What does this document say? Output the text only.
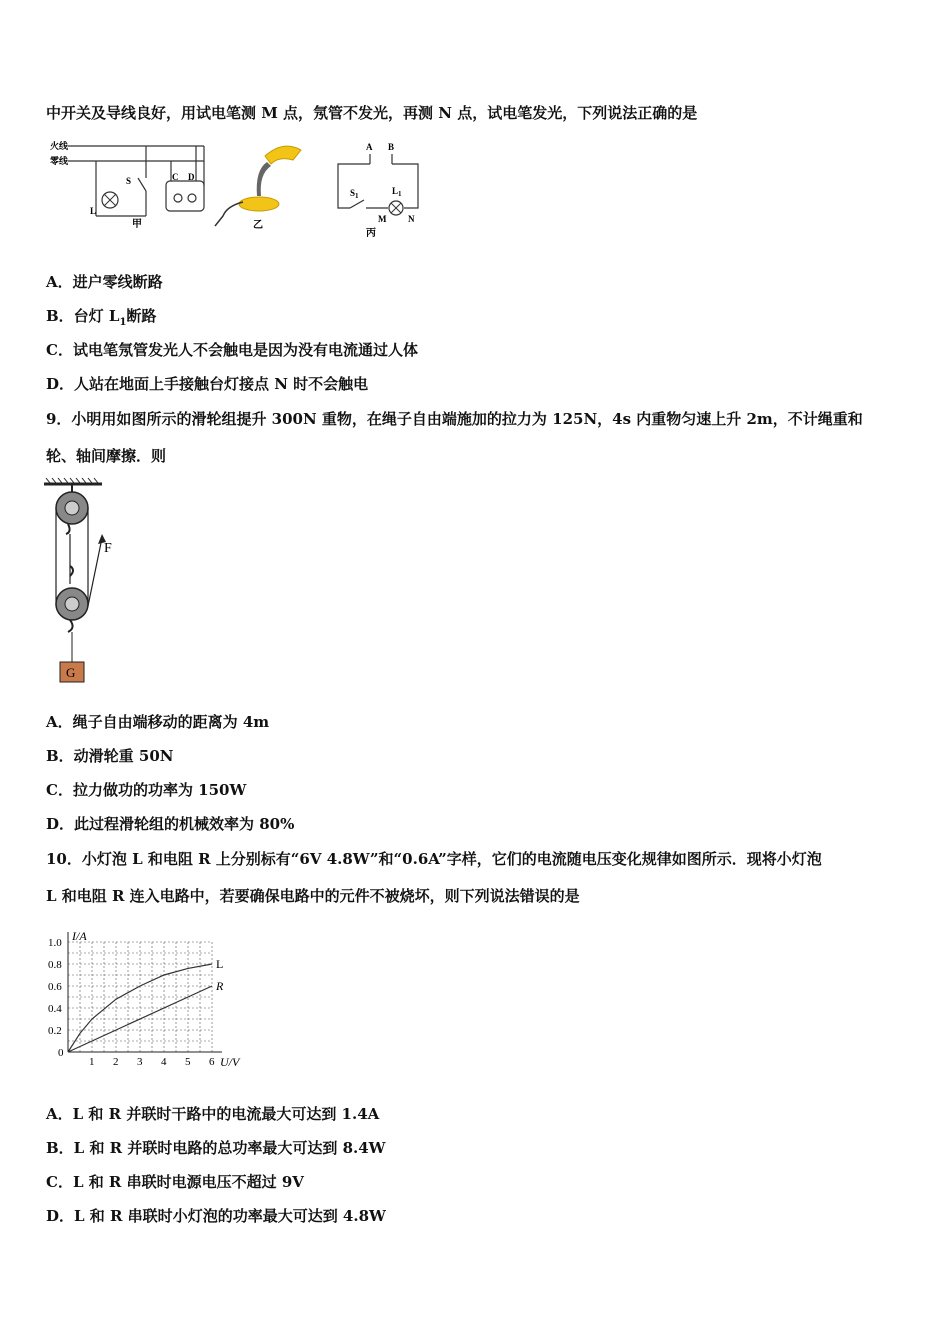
中开关及导线良好，用试电笔测 M 点，氖管不发光，再测 N 点，试电笔发光，下列说法正确的是
火线
零线
L
S	C D
甲	乙
A B
$S_1$	$L_1$
M N
丙
A．进户零线断路
B．台灯 $L_1$断路
C．试电笔氖管发光人不会触电是因为没有电流通过人体
D．人站在地面上手接触台灯接点 N 时不会触电
9．小明用如图所示的滑轮组提升 300N 重物，在绳子自由端施加的拉力为 125N，4s 内重物匀速上升 2m，不计绳重和
轮、轴间摩擦．则
F
G
A．绳子自由端移动的距离为 4m
B．动滑轮重 50N
C．拉力做功的功率为 150W
D．此过程滑轮组的机械效率为 80%
10．小灯泡 L 和电阻 R 上分别标有“6V 4.8W”和“0.6A”字样，它们的电流随电压变化规律如图所示．现将小灯泡
L 和电阻 R 连入电路中，若要确保电路中的元件不被烧坏，则下列说法错误的是
1 2 3 4 5 6
0.2
0.4
0.6
0.8
1.0
L
R
I/A
U/V
0
A．L 和 R 并联时干路中的电流最大可达到 1.4A
B．L 和 R 并联时电路的总功率最大可达到 8.4W
C．L 和 R 串联时电源电压不超过 9V
D．L 和 R 串联时小灯泡的功率最大可达到 4.8W
